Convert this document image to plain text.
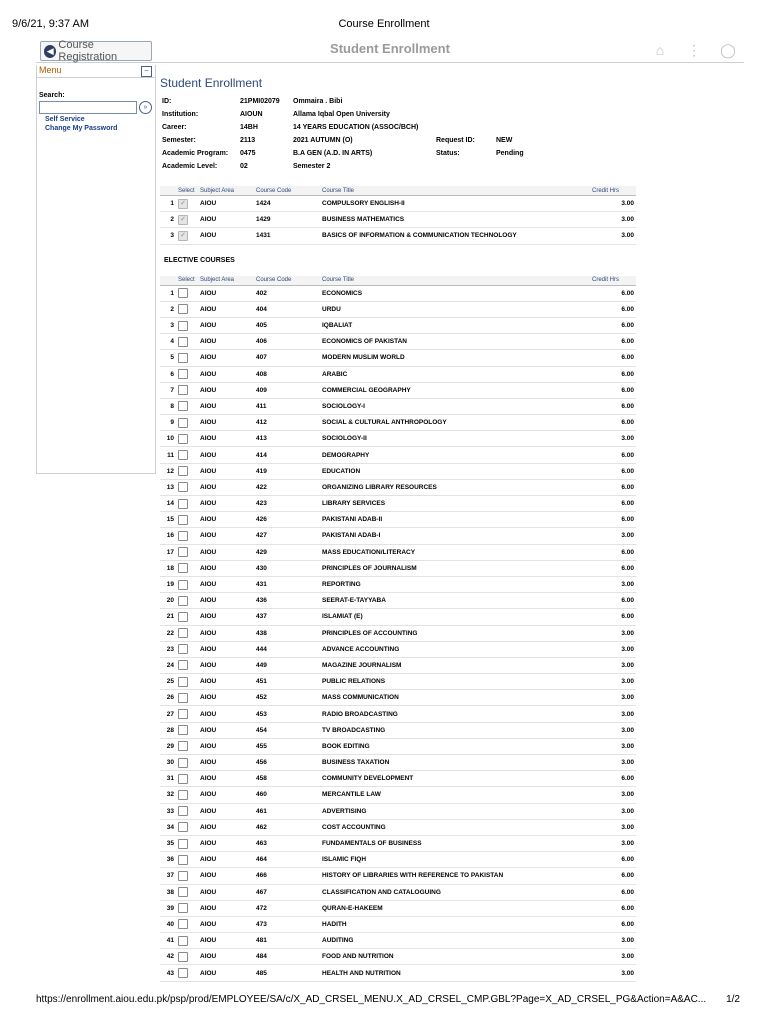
9/6/21, 9:37 AM	Course Enrollment
◀ Course Registration
Student Enrollment	⌂ ⋮ ◯
Menu	−
Search:
»
Self Service
Change My Password
Student Enrollment
ID:	21PMI02079 Ommaira . Bibi
Institution:	AIOUN	Allama Iqbal Open University
Career:	14BH	14 YEARS EDUCATION (ASSOC/BCH)
Semester:	2113	2021 AUTUMN (O)	Request ID:	NEW
Academic Program: 0475	B.A GEN (A.D. IN ARTS)	Status:	Pending
Academic Level:	02	Semester 2
	Select	Subject Area	Course Code	Course Title	Credit Hrs
1	✓	AIOU	1424	COMPULSORY ENGLISH-II	3.00
2	✓	AIOU	1429	BUSINESS MATHEMATICS	3.00
3	✓	AIOU	1431	BASICS OF INFORMATION & COMMUNICATION TECHNOLOGY	3.00
ELECTIVE COURSES
	Select	Subject Area	Course Code	Course Title	Credit Hrs
1		AIOU	402	ECONOMICS	6.00
2		AIOU	404	URDU	6.00
3		AIOU	405	IQBALIAT	6.00
4		AIOU	406	ECONOMICS OF PAKISTAN	6.00
5		AIOU	407	MODERN MUSLIM WORLD	6.00
6		AIOU	408	ARABIC	6.00
7		AIOU	409	COMMERCIAL GEOGRAPHY	6.00
8		AIOU	411	SOCIOLOGY-I	6.00
9		AIOU	412	SOCIAL & CULTURAL ANTHROPOLOGY	6.00
10		AIOU	413	SOCIOLOGY-II	3.00
11		AIOU	414	DEMOGRAPHY	6.00
12		AIOU	419	EDUCATION	6.00
13		AIOU	422	ORGANIZING LIBRARY RESOURCES	6.00
14		AIOU	423	LIBRARY SERVICES	6.00
15		AIOU	426	PAKISTANI ADAB-II	6.00
16		AIOU	427	PAKISTANI ADAB-I	3.00
17		AIOU	429	MASS EDUCATION/LITERACY	6.00
18		AIOU	430	PRINCIPLES OF JOURNALISM	6.00
19		AIOU	431	REPORTING	3.00
20		AIOU	436	SEERAT-E-TAYYABA	6.00
21		AIOU	437	ISLAMIAT (E)	6.00
22		AIOU	438	PRINCIPLES OF ACCOUNTING	3.00
23		AIOU	444	ADVANCE ACCOUNTING	3.00
24		AIOU	449	MAGAZINE JOURNALISM	3.00
25		AIOU	451	PUBLIC RELATIONS	3.00
26		AIOU	452	MASS COMMUNICATION	3.00
27		AIOU	453	RADIO BROADCASTING	3.00
28		AIOU	454	TV BROADCASTING	3.00
29		AIOU	455	BOOK EDITING	3.00
30		AIOU	456	BUSINESS TAXATION	3.00
31		AIOU	458	COMMUNITY DEVELOPMENT	6.00
32		AIOU	460	MERCANTILE LAW	3.00
33		AIOU	461	ADVERTISING	3.00
34		AIOU	462	COST ACCOUNTING	3.00
35		AIOU	463	FUNDAMENTALS OF BUSINESS	3.00
36		AIOU	464	ISLAMIC FIQH	6.00
37		AIOU	466	HISTORY OF LIBRARIES WITH REFERENCE TO PAKISTAN	6.00
38		AIOU	467	CLASSIFICATION AND CATALOGUING	6.00
39		AIOU	472	QURAN-E-HAKEEM	6.00
40		AIOU	473	HADITH	6.00
41		AIOU	481	AUDITING	3.00
42		AIOU	484	FOOD AND NUTRITION	3.00
43		AIOU	485	HEALTH AND NUTRITION	3.00
https://enrollment.aiou.edu.pk/psp/prod/EMPLOYEE/SA/c/X_AD_CRSEL_MENU.X_AD_CRSEL_CMP.GBL?Page=X_AD_CRSEL_PG&Action=A&AC...	1/2
